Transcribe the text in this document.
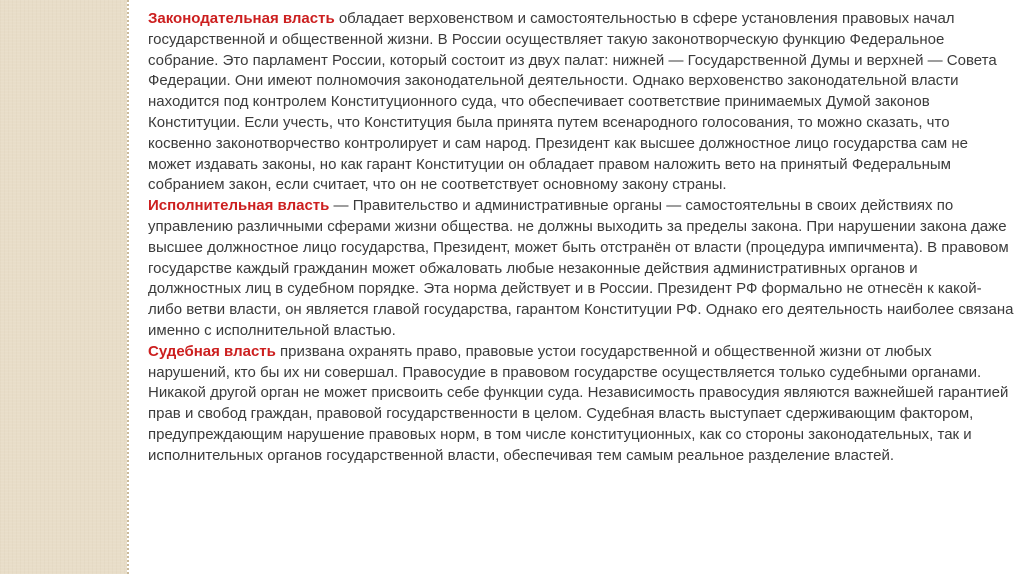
Законодательная власть обладает верховенством и самостоятельностью в сфере установления правовых начал государственной и общественной жизни. В России осуществляет такую законотворческую функцию Федеральное собрание. Это парламент России, который состоит из двух палат: нижней — Государственной Думы и верхней — Совета Федерации. Они имеют полномочия законодательной деятельности. Однако верховенство законодательной власти находится под контролем Конституционного суда, что обеспечивает соответствие принимаемых Думой законов Конституции. Если учесть, что Конституция была принята путем всенародного голосования, то можно сказать, что косвенно законотворчество контролирует и сам народ. Президент как высшее должностное лицо государства сам не может издавать законы, но как гарант Конституции он обладает правом наложить вето на принятый Федеральным собранием закон, если считает, что он не соответствует основному закону страны.

Исполнительная власть — Правительство и административные органы — самостоятельны в своих действиях по управлению различными сферами жизни общества. не должны выходить за пределы закона. При нарушении закона даже высшее должностное лицо государства, Президент, может быть отстранён от власти (процедура импичмента). В правовом государстве каждый гражданин может обжаловать любые незаконные действия административных органов и должностных лиц в судебном порядке. Эта норма действует и в России. Президент РФ формально не отнесён к какой-либо ветви власти, он является главой государства, гарантом Конституции РФ. Однако его деятельность наиболее связана именно с исполнительной властью.

Судебная власть призвана охранять право, правовые устои государственной и общественной жизни от любых нарушений, кто бы их ни совершал. Правосудие в правовом государстве осуществляется только судебными органами. Никакой другой орган не может присвоить себе функции суда. Независимость правосудия являются важнейшей гарантией прав и свобод граждан, правовой государственности в целом. Судебная власть выступает сдерживающим фактором, предупреждающим нарушение правовых норм, в том числе конституционных, как со стороны законодательных, так и исполнительных органов государственной власти, обеспечивая тем самым реальное разделение властей.
